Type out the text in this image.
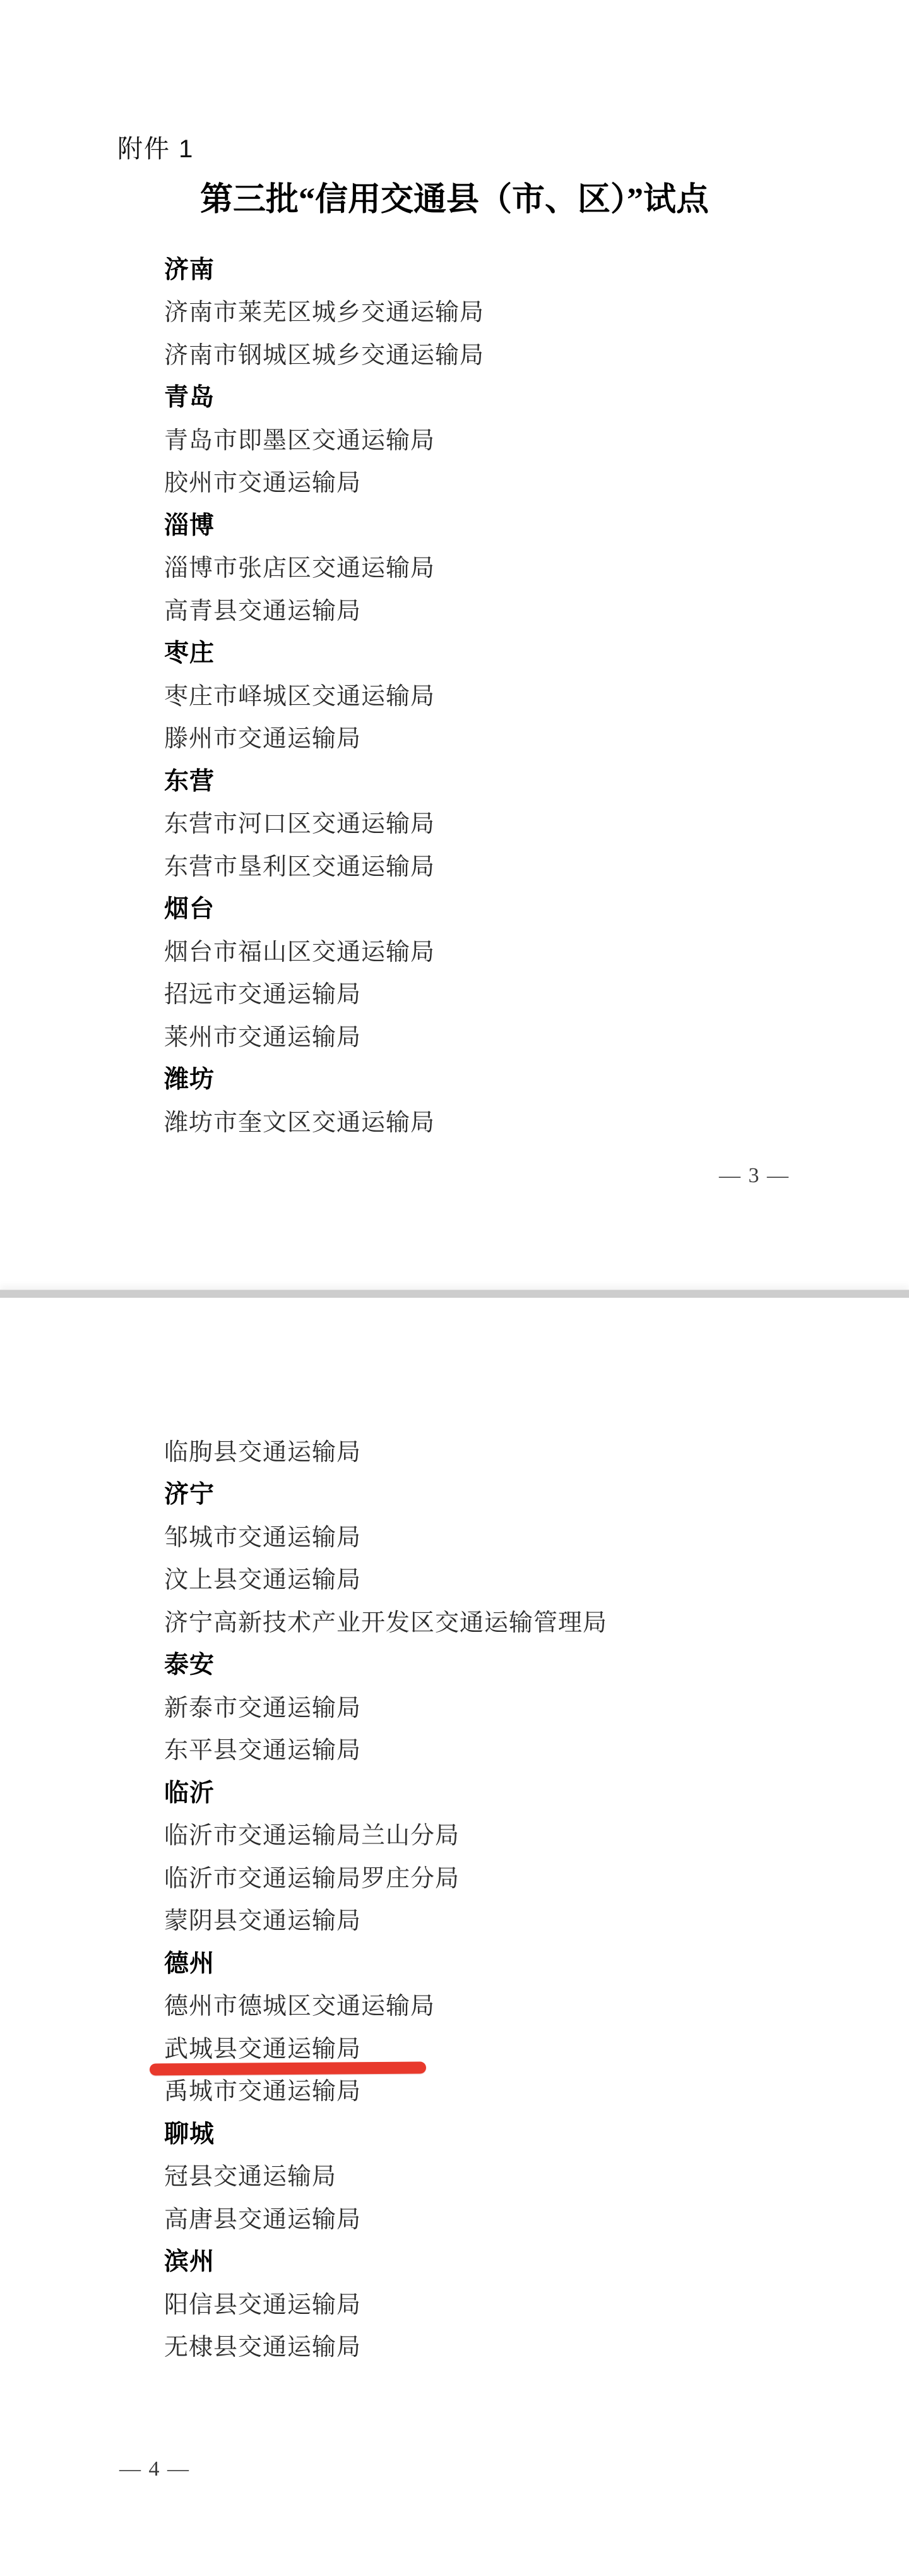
附件 1
第三批“信用交通县（市、区）”试点
济南
济南市莱芜区城乡交通运输局
济南市钢城区城乡交通运输局
青岛
青岛市即墨区交通运输局
胶州市交通运输局
淄博
淄博市张店区交通运输局
高青县交通运输局
枣庄
枣庄市峄城区交通运输局
滕州市交通运输局
东营
东营市河口区交通运输局
东营市垦利区交通运输局
烟台
烟台市福山区交通运输局
招远市交通运输局
莱州市交通运输局
潍坊
潍坊市奎文区交通运输局
— 3 —
临朐县交通运输局
济宁
邹城市交通运输局
汶上县交通运输局
济宁高新技术产业开发区交通运输管理局
泰安
新泰市交通运输局
东平县交通运输局
临沂
临沂市交通运输局兰山分局
临沂市交通运输局罗庄分局
蒙阴县交通运输局
德州
德州市德城区交通运输局
武城县交通运输局
禹城市交通运输局
聊城
冠县交通运输局
高唐县交通运输局
滨州
阳信县交通运输局
无棣县交通运输局
— 4 —
